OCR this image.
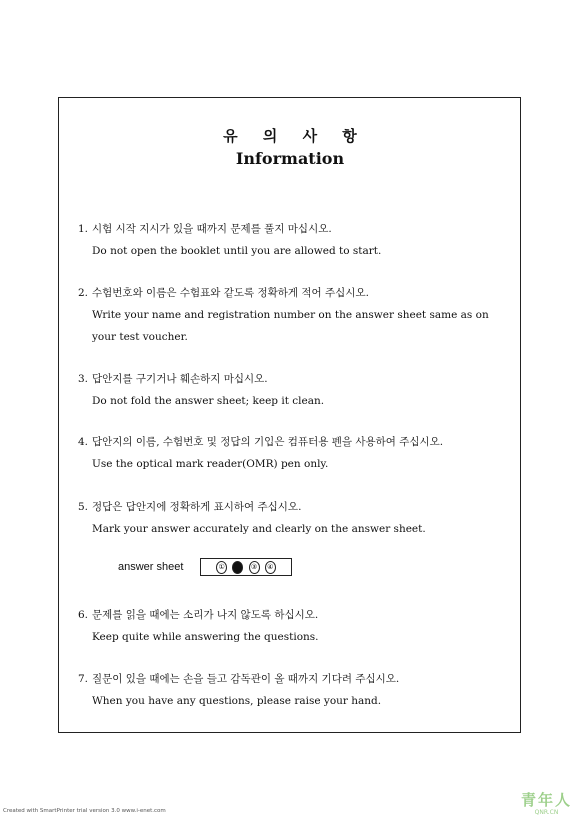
유 의 사 항
Information
1. 시험 시작 지시가 있을 때까지 문제를 풀지 마십시오.
Do not open the booklet until you are allowed to start.
2. 수험번호와 이름은 수험표와 같도록 정확하게 적어 주십시오.
Write your name and registration number on the answer sheet same as on your test voucher.
3. 답안지를 구기거나 훼손하지 마십시오.
Do not fold the answer sheet; keep it clean.
4. 답안지의 이름, 수험번호 및 정답의 기입은 컴퓨터용 펜을 사용하여 주십시오.
Use the optical mark reader(OMR) pen only.
5. 정답은 답안지에 정확하게 표시하여 주십시오.
Mark your answer accurately and clearly on the answer sheet.
answer sheet	①	●	③	④
6. 문제를 읽을 때에는 소리가 나지 않도록 하십시오.
Keep quite while answering the questions.
7. 질문이 있을 때에는 손을 들고 감독관이 올 때까지 기다려 주십시오.
When you have any questions, please raise your hand.
Created with SmartPrinter trial version 3.0 www.i-enet.com
青年人
QNR.CN
